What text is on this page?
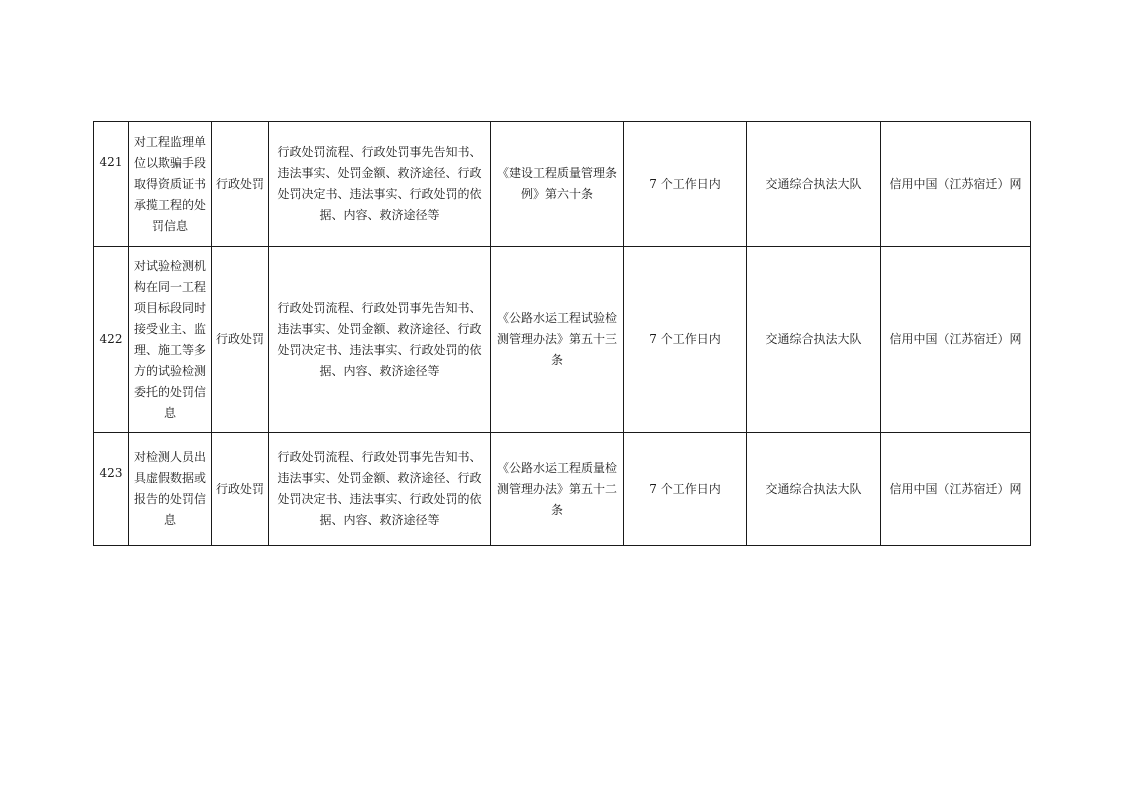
421	对工程监理单位以欺骗手段取得资质证书承揽工程的处罚信息	行政处罚	行政处罚流程、行政处罚事先告知书、违法事实、处罚金额、救济途径、行政处罚决定书、违法事实、行政处罚的依据、内容、救济途径等	《建设工程质量管理条例》第六十条	7 个工作日内	交通综合执法大队	信用中国（江苏宿迁）网
422	对试验检测机构在同一工程项目标段同时接受业主、监理、施工等多方的试验检测委托的处罚信息	行政处罚	行政处罚流程、行政处罚事先告知书、违法事实、处罚金额、救济途径、行政处罚决定书、违法事实、行政处罚的依据、内容、救济途径等	《公路水运工程试验检测管理办法》第五十三条	7 个工作日内	交通综合执法大队	信用中国（江苏宿迁）网
423	对检测人员出具虚假数据或报告的处罚信息	行政处罚	行政处罚流程、行政处罚事先告知书、违法事实、处罚金额、救济途径、行政处罚决定书、违法事实、行政处罚的依据、内容、救济途径等	《公路水运工程质量检测管理办法》第五十二条	7 个工作日内	交通综合执法大队	信用中国（江苏宿迁）网
